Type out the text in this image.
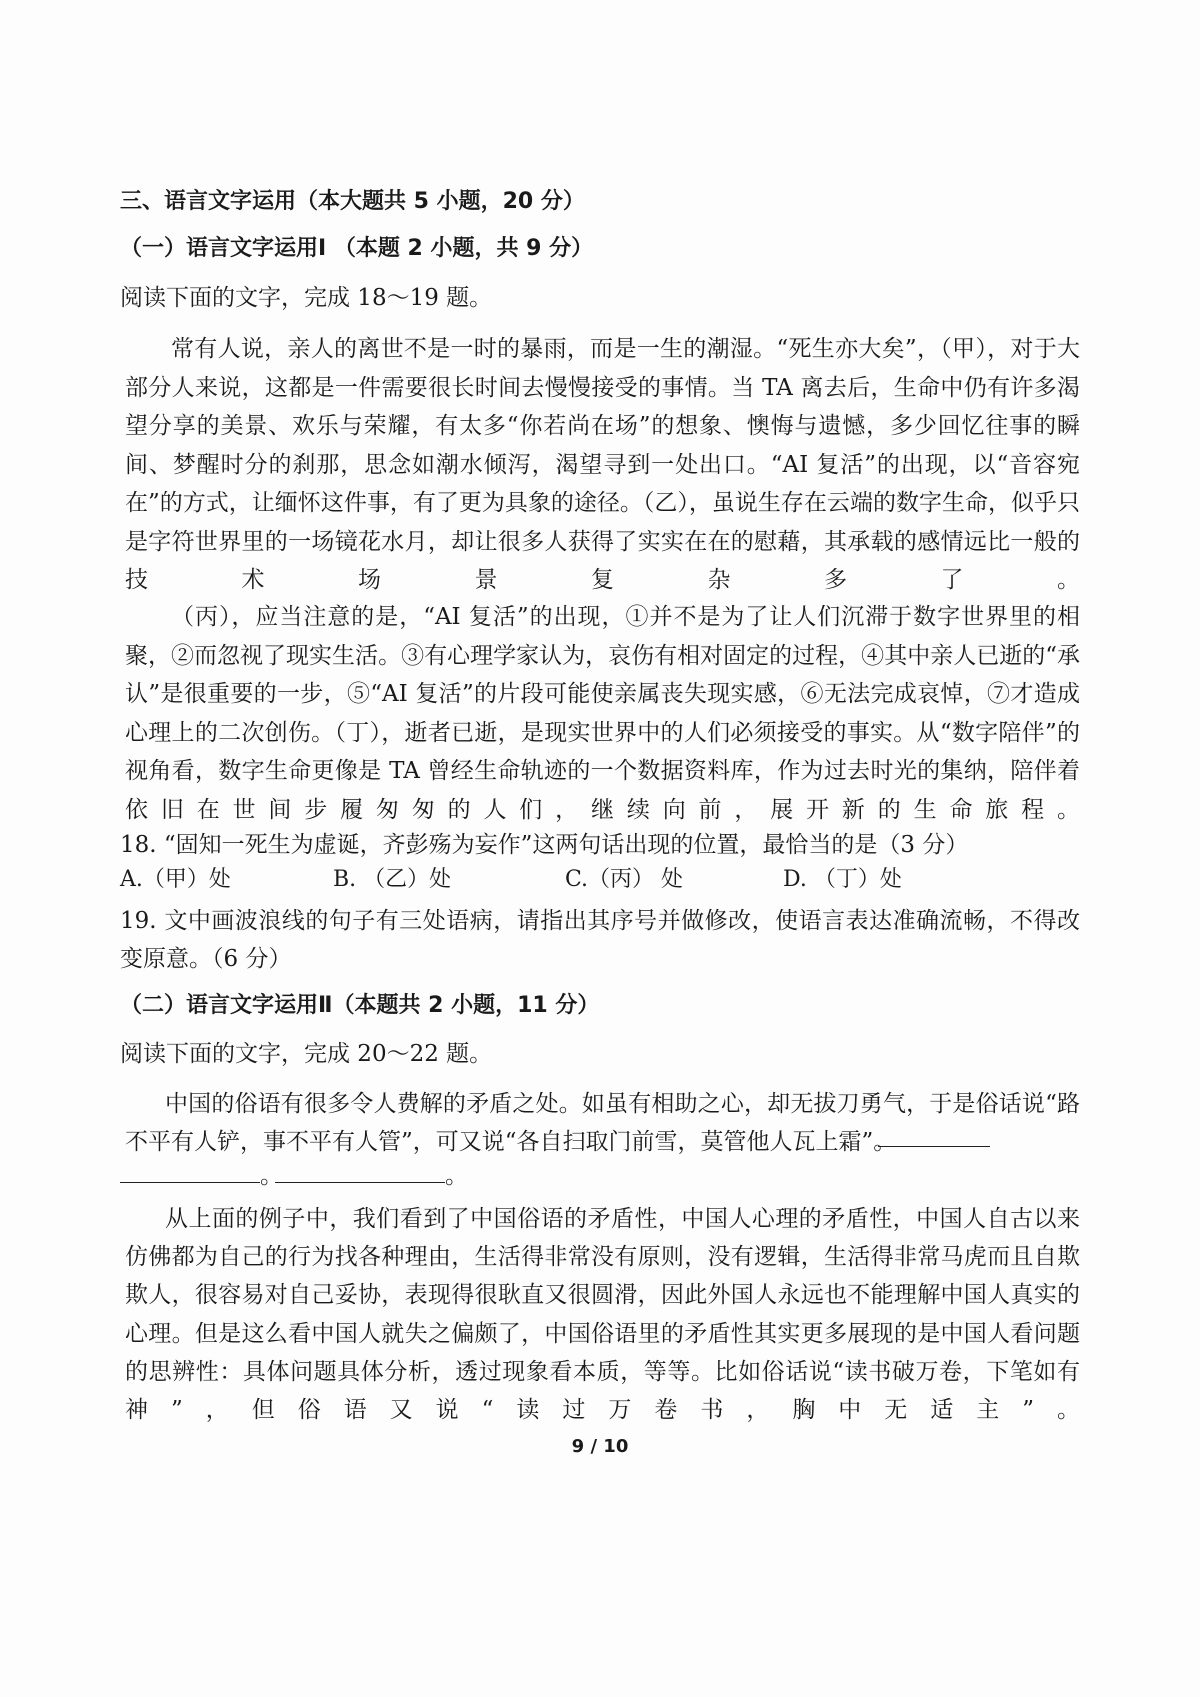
三、语言文字运用（本大题共 5 小题，20 分）
（一）语言文字运用Ⅰ （本题 2 小题，共 9 分）
阅读下面的文字，完成 18～19 题。
常有人说，亲人的离世不是一时的暴雨，而是一生的潮湿。“死生亦大矣”，（甲），对于大部分人来说，这都是一件需要很长时间去慢慢接受的事情。当 TA 离去后，生命中仍有许多渴望分享的美景、欢乐与荣耀，有太多“你若尚在场”的想象、懊悔与遗憾，多少回忆往事的瞬间、梦醒时分的刹那，思念如潮水倾泻，渴望寻到一处出口。“AI 复活”的出现，以“音容宛在”的方式，让缅怀这件事，有了更为具象的途径。（乙），虽说生存在云端的数字生命，似乎只是字符世界里的一场镜花水月，却让很多人获得了实实在在的慰藉，其承载的感情远比一般的技术场景复杂多了。
（丙），应当注意的是，“AI 复活”的出现，①并不是为了让人们沉滞于数字世界里的相聚，②而忽视了现实生活。③有心理学家认为，哀伤有相对固定的过程，④其中亲人已逝的“承认”是很重要的一步，⑤“AI 复活”的片段可能使亲属丧失现实感，⑥无法完成哀悼，⑦才造成心理上的二次创伤。（丁），逝者已逝，是现实世界中的人们必须接受的事实。从“数字陪伴”的视角看，数字生命更像是 TA 曾经生命轨迹的一个数据资料库，作为过去时光的集纳，陪伴着依旧在世间步履匆匆的人们，继续向前，展开新的生命旅程。
18. “固知一死生为虚诞，齐彭殇为妄作”这两句话出现的位置，最恰当的是（3 分）
A.（甲）处	B. （乙）处	C.（丙） 处	D. （丁）处
19. 文中画波浪线的句子有三处语病，请指出其序号并做修改，使语言表达准确流畅，不得改变原意。（6 分）
（二）语言文字运用Ⅱ（本题共 2 小题，11 分）
阅读下面的文字，完成 20～22 题。
中国的俗语有很多令人费解的矛盾之处。如虽有相助之心，却无拔刀勇气，于是俗话说“路不平有人铲，事不平有人管”，可又说“各自扫取门前雪，莫管他人瓦上霜”。
。	。
从上面的例子中，我们看到了中国俗语的矛盾性，中国人心理的矛盾性，中国人自古以来仿佛都为自己的行为找各种理由，生活得非常没有原则，没有逻辑，生活得非常马虎而且自欺欺人，很容易对自己妥协，表现得很耿直又很圆滑，因此外国人永远也不能理解中国人真实的心理。但是这么看中国人就失之偏颇了，中国俗语里的矛盾性其实更多展现的是中国人看问题的思辨性：具体问题具体分析，透过现象看本质，等等。比如俗话说“读书破万卷，下笔如有神”，但俗语又说“读过万卷书，胸中无适主”。
9 / 10
